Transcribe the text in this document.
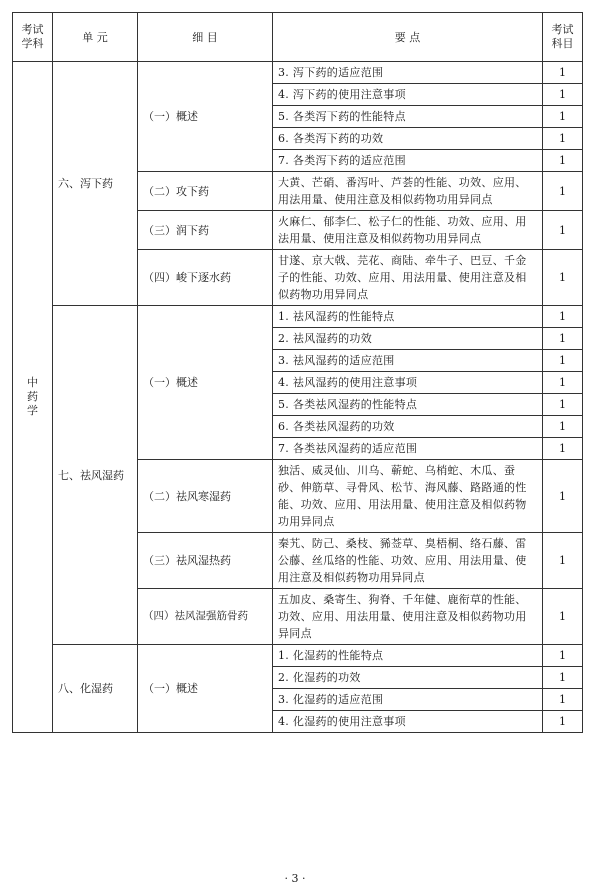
考试学科	单 元	细 目	要 点	考试科目
中药学	六、泻下药	（一）概述	3. 泻下药的适应范围	1
			4. 泻下药的使用注意事项	1
			5. 各类泻下药的性能特点	1
			6. 各类泻下药的功效	1
			7. 各类泻下药的适应范围	1
		（二）攻下药	大黄、芒硝、番泻叶、芦荟的性能、功效、应用、用法用量、使用注意及相似药物功用异同点	1
		（三）润下药	火麻仁、郁李仁、松子仁的性能、功效、应用、用法用量、使用注意及相似药物功用异同点	1
		（四）峻下逐水药	甘遂、京大戟、芫花、商陆、牵牛子、巴豆、千金子的性能、功效、应用、用法用量、使用注意及相似药物功用异同点	1
	七、祛风湿药	（一）概述	1. 祛风湿药的性能特点	1
			2. 祛风湿药的功效	1
			3. 祛风湿药的适应范围	1
			4. 祛风湿药的使用注意事项	1
			5. 各类祛风湿药的性能特点	1
			6. 各类祛风湿药的功效	1
			7. 各类祛风湿药的适应范围	1
		（二）祛风寒湿药	独活、威灵仙、川乌、蕲蛇、乌梢蛇、木瓜、蚕砂、伸筋草、寻骨风、松节、海风藤、路路通的性能、功效、应用、用法用量、使用注意及相似药物功用异同点	1
		（三）祛风湿热药	秦艽、防己、桑枝、豨莶草、臭梧桐、络石藤、雷公藤、丝瓜络的性能、功效、应用、用法用量、使用注意及相似药物功用异同点	1
		（四）祛风湿强筋骨药	五加皮、桑寄生、狗脊、千年健、鹿衔草的性能、功效、应用、用法用量、使用注意及相似药物功用异同点	1
	八、化湿药	（一）概述	1. 化湿药的性能特点	1
			2. 化湿药的功效	1
			3. 化湿药的适应范围	1
			4. 化湿药的使用注意事项	1
· 3 ·
